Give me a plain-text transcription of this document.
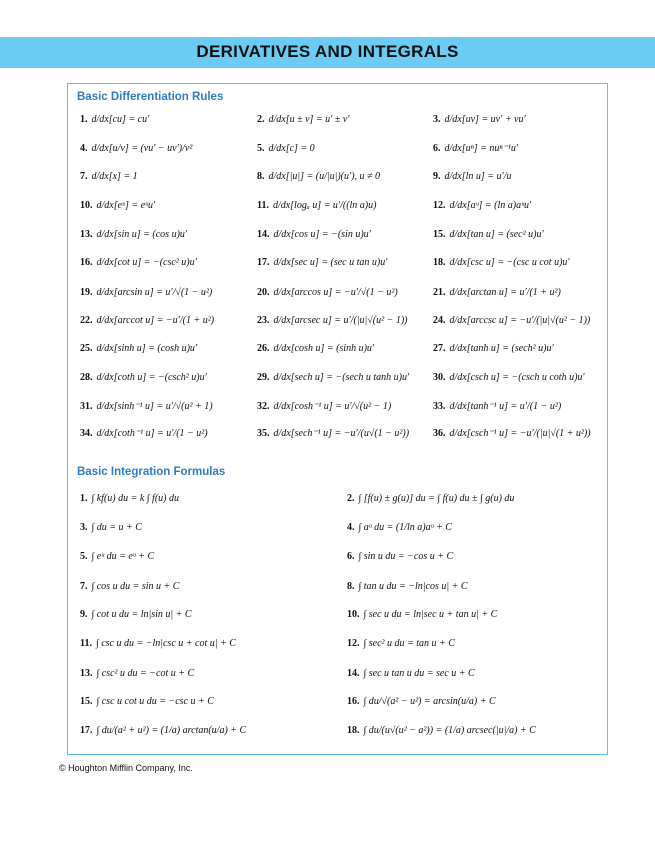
DERIVATIVES AND INTEGRALS
Basic Differentiation Rules
1. d/dx[cu] = cu′	2. d/dx[u ± v] = u′ ± v′	3. d/dx[uv] = uv′ + vu′
4. d/dx[u/v] = (vu′ − uv′)/v²	5. d/dx[c] = 0	6. d/dx[uⁿ] = nuⁿ⁻¹u′
7. d/dx[x] = 1	8. d/dx[|u|] = (u/|u|)(u′), u ≠ 0	9. d/dx[ln u] = u′/u
10. d/dx[eᵘ] = eᵘu′	11. d/dx[logₐ u] = u′/((ln a)u)	12. d/dx[aᵘ] = (ln a)aᵘu′
13. d/dx[sin u] = (cos u)u′	14. d/dx[cos u] = −(sin u)u′	15. d/dx[tan u] = (sec² u)u′
16. d/dx[cot u] = −(csc² u)u′	17. d/dx[sec u] = (sec u tan u)u′	18. d/dx[csc u] = −(csc u cot u)u′
19. d/dx[arcsin u] = u′/√(1 − u²)	20. d/dx[arccos u] = −u′/√(1 − u²)	21. d/dx[arctan u] = u′/(1 + u²)
22. d/dx[arccot u] = −u′/(1 + u²)	23. d/dx[arcsec u] = u′/(|u|√(u² − 1))	24. d/dx[arccsc u] = −u′/(|u|√(u² − 1))
25. d/dx[sinh u] = (cosh u)u′	26. d/dx[cosh u] = (sinh u)u′	27. d/dx[tanh u] = (sech² u)u′
28. d/dx[coth u] = −(csch² u)u′	29. d/dx[sech u] = −(sech u tanh u)u′ 30. d/dx[csch u] = −(csch u coth u)u′
31. d/dx[sinh⁻¹ u] = u′/√(u² + 1)	32. d/dx[cosh⁻¹ u] = u′/√(u² − 1)	33. d/dx[tanh⁻¹ u] = u′/(1 − u²)
34. d/dx[coth⁻¹ u] = u′/(1 − u²)	35. d/dx[sech⁻¹ u] = −u′/(u√(1 − u²)) 36. d/dx[csch⁻¹ u] = −u′/(|u|√(1 + u²))
Basic Integration Formulas
1. ∫ kf(u) du = k ∫ f(u) du	2. ∫ [f(u) ± g(u)] du = ∫ f(u) du ± ∫ g(u) du
3. ∫ du = u + C	4. ∫ aᵘ du = (1/ln a)aᵘ + C
5. ∫ eᵘ du = eᵘ + C	6. ∫ sin u du = −cos u + C
7. ∫ cos u du = sin u + C	8. ∫ tan u du = −ln|cos u| + C
9. ∫ cot u du = ln|sin u| + C	10. ∫ sec u du = ln|sec u + tan u| + C
11. ∫ csc u du = −ln|csc u + cot u| + C	12. ∫ sec² u du = tan u + C
13. ∫ csc² u du = −cot u + C	14. ∫ sec u tan u du = sec u + C
15. ∫ csc u cot u du = −csc u + C	16. ∫ du/√(a² − u²) = arcsin(u/a) + C
17. ∫ du/(a² + u²) = (1/a) arctan(u/a) + C	18. ∫ du/(u√(u² − a²)) = (1/a) arcsec(|u|/a) + C
© Houghton Mifflin Company, Inc.
